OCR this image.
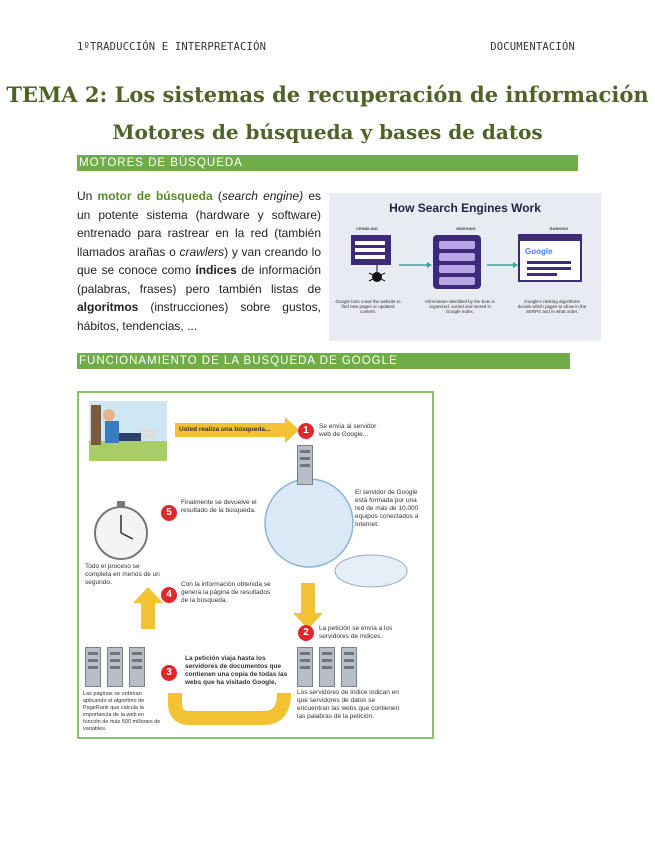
1ºTRADUCCIÓN E INTERPRETACIÓN	DOCUMENTACIÓN
TEMA 2: Los sistemas de recuperación de información
Motores de búsqueda y bases de datos
MOTORES DE BÚSQUEDA
Un motor de búsqueda (search engine) es un potente sistema (hardware y software) entrenado para rastrear en la red (también llamados arañas o crawlers) y van creando lo que se conoce como índices de información (palabras, frases) pero también listas de algoritmos (instrucciones) sobre gustos, hábitos, tendencias, ...
How Search Engines Work
CRAWLING	INDEXING	RANKING
Google
Google bots crawl the website to find new pages or updated content.
Information identified by the bots is organized, sorted and stored in Google Index.
Google's ranking algorithms decide which pages to show in the SERPS and in what order.
FUNCIONAMIENTO DE LA BUSQUEDA DE GOOGLE
1
2
3
4
5
Usted realiza una búsqueda...	Se envía al servidor web de Google...
El servidor de Google está formada por una red de más de 10.000 equipos conectados a Internet.
La petición se envía a los servidores de índices.
Los servidores de índice indican en que servidores de datos se encuentran las webs que contienen las palabras de la petición.
La petición viaja hasta los servidores de documentos que contienen una copia de todas las webs que ha visitado Google.
Las páginas se ordenan aplicando el algoritmo de PageRank que calcula la importancia de la web en función de más 500 millones de variables.
Con la información obtenida se genera la página de resultados de la búsqueda.
Finalmente se devuelve el resultado de la búsqueda.
Todo el proceso se completa en menos de un segundo.
